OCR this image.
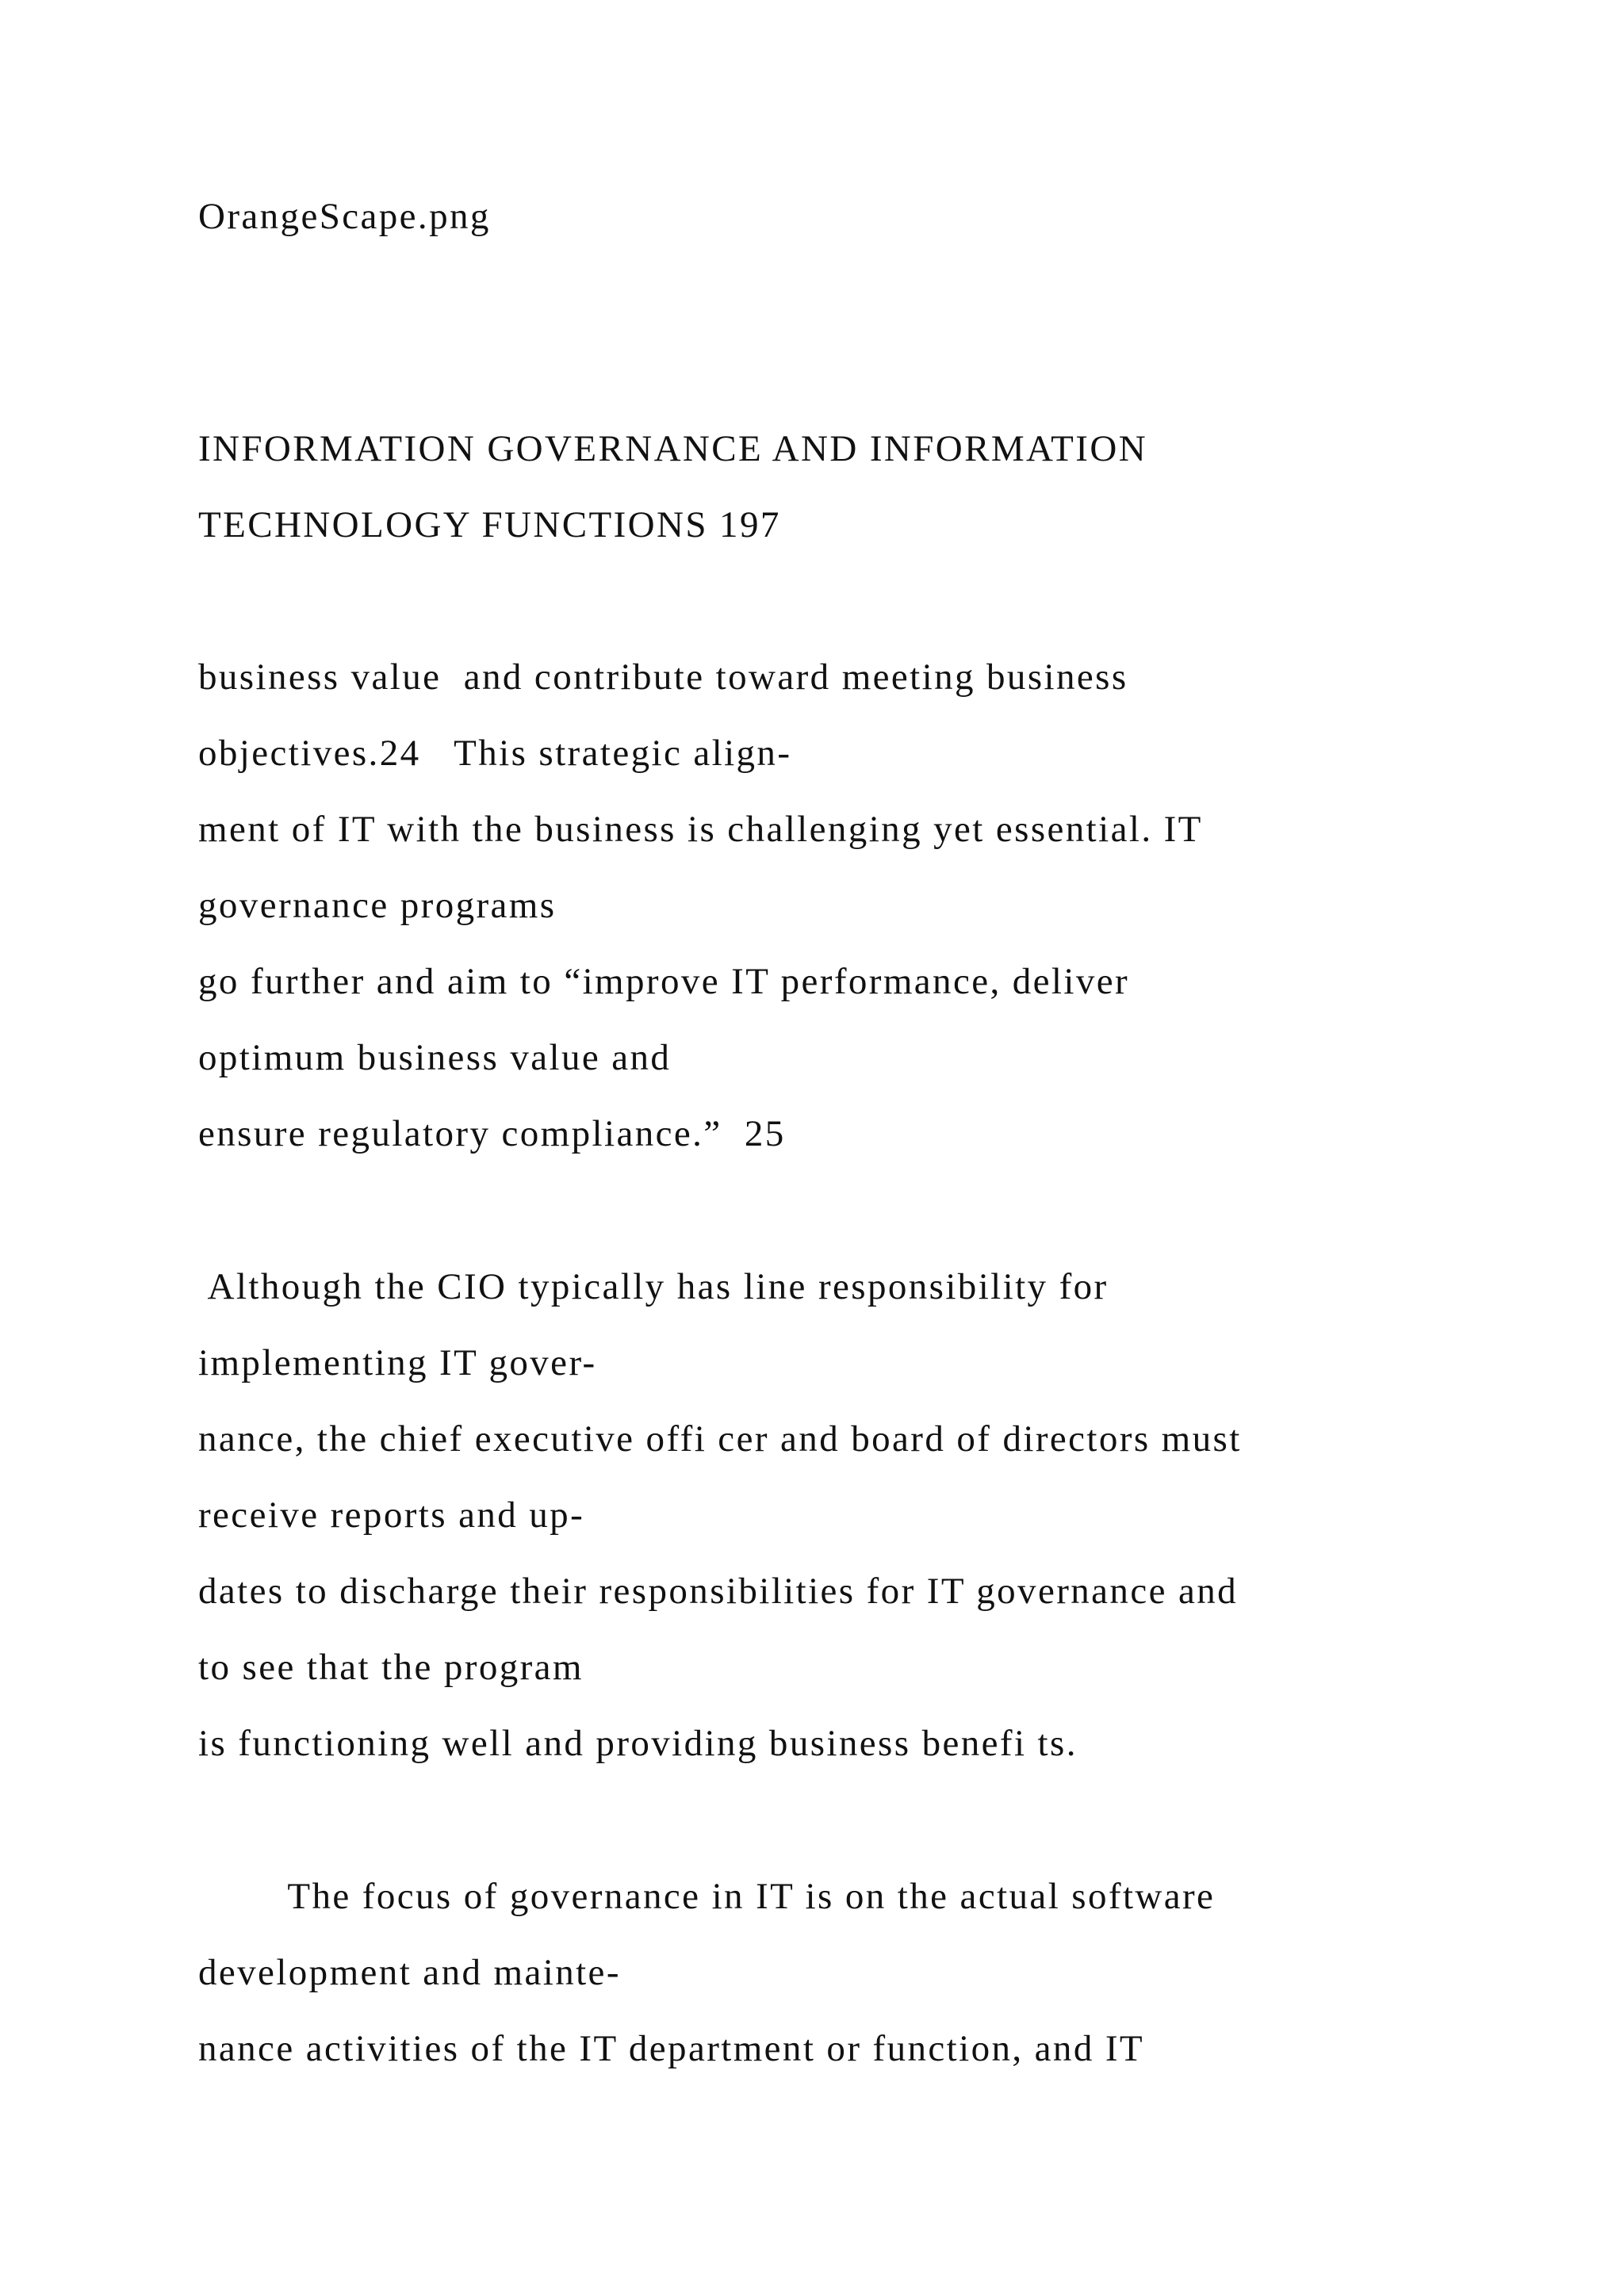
OrangeScape.png

INFORMATION GOVERNANCE AND INFORMATION

TECHNOLOGY FUNCTIONS 197

business value  and contribute toward meeting business

objectives.24   This strategic align-

ment of IT with the business is challenging yet essential. IT

governance programs

go further and aim to “improve IT performance, deliver

optimum business value and

ensure regulatory compliance.”  25

Although the CIO typically has line responsibility for

implementing IT gover-

nance, the chief executive offi cer and board of directors must

receive reports and up-

dates to discharge their responsibilities for IT governance and

to see that the program

is functioning well and providing business benefi ts.

The focus of governance in IT is on the actual software

development and mainte-

nance activities of the IT department or function, and IT
